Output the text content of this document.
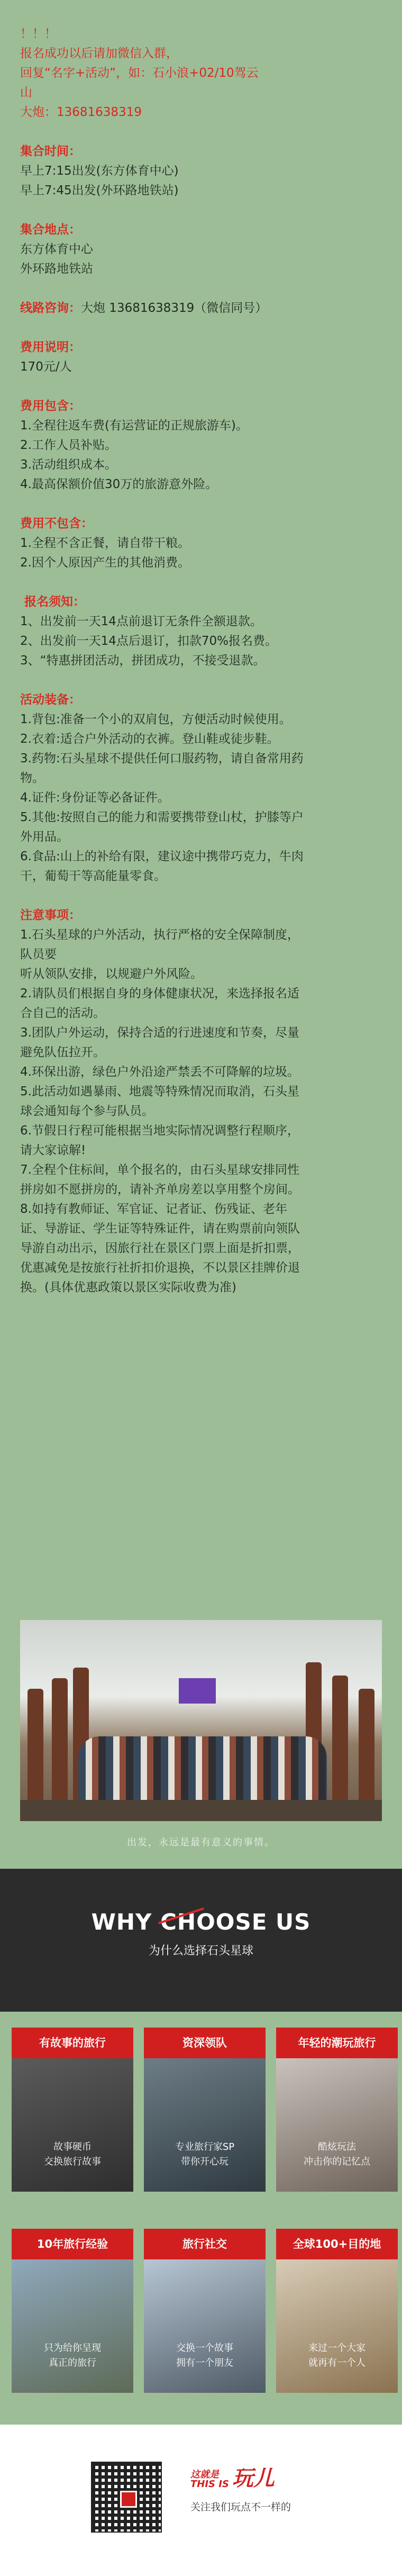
！！！
报名成功以后请加微信入群，
回复“名字+活动”，如：石小浪+02/10驾云
山
大炮：13681638319
集合时间：
早上7:15出发(东方体育中心)
早上7:45出发(外环路地铁站)
集合地点：
东方体育中心
外环路地铁站
线路咨询：大炮 13681638319（微信同号）
费用说明：
170元/人
费用包含：
1.全程往返车费(有运营证的正规旅游车)。
2.工作人员补贴。
3.活动组织成本。
4.最高保额价值30万的旅游意外险。
费用不包含：
1.全程不含正餐，请自带干粮。
2.因个人原因产生的其他消费。
报名须知：
1、出发前一天14点前退订无条件全额退款。
2、出发前一天14点后退订，扣款70%报名费。
3、“特惠拼团活动，拼团成功，不接受退款。
活动装备：
1.背包:准备一个小的双肩包，方便活动时候使用。
2.衣着:适合户外活动的衣裤。登山鞋或徒步鞋。
3.药物:石头星球不提供任何口服药物，请自备常用药
物。
4.证件:身份证等必备证件。
5.其他:按照自己的能力和需要携带登山杖，护膝等户
外用品。
6.食品:山上的补给有限，建议途中携带巧克力，牛肉
干，葡萄干等高能量零食。
注意事项：
1.石头星球的户外活动，执行严格的安全保障制度，
队员要
听从领队安排，以规避户外风险。
2.请队员们根据自身的身体健康状况，来选择报名适
合自己的活动。
3.团队户外运动，保持合适的行进速度和节奏，尽量
避免队伍拉开。
4.环保出游，绿色户外沿途严禁丢不可降解的垃圾。
5.此活动如遇暴雨、地震等特殊情况而取消，石头星
球会通知每个参与队员。
6.节假日行程可能根据当地实际情况调整行程顺序，
请大家谅解!
7.全程个住标间，单个报名的，由石头星球安排同性
拼房如不愿拼房的，请补齐单房差以享用整个房间。
8.如持有教师证、军官证、记者证、伤残证、老年
证、导游证、学生证等特殊证件，请在购票前向领队
导游自动出示，因旅行社在景区门票上面是折扣票，
优惠减免是按旅行社折扣价退换，不以景区挂牌价退
换。(具体优惠政策以景区实际收费为准)
出发，永远是最有意义的事情。
WHY CHOOSE US
为什么选择石头星球
有故事的旅行
故事硬币
交换旅行故事
资深领队
专业旅行家SP
带你开心玩
年轻的潮玩旅行
酷炫玩法
冲击你的记忆点
10年旅行经验
只为给你呈现
真正的旅行
旅行社交
交换一个故事
拥有一个朋友
全球100+目的地
来过一个大家
就再有一个人
这就是
THIS IS 玩儿
关注我们玩点不一样的
